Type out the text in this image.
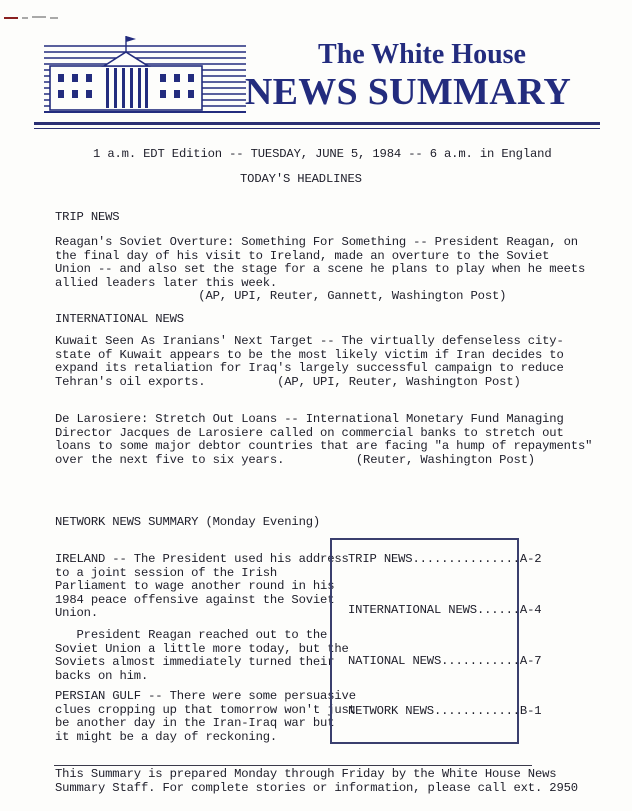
The White House
NEWS SUMMARY
1 a.m. EDT Edition -- TUESDAY, JUNE 5, 1984 -- 6 a.m. in England
TODAY'S HEADLINES
TRIP NEWS
Reagan's Soviet Overture: Something For Something -- President Reagan, on
the final day of his visit to Ireland, made an overture to the Soviet
Union -- and also set the stage for a scene he plans to play when he meets
allied leaders later this week.
(AP, UPI, Reuter, Gannett, Washington Post)
INTERNATIONAL NEWS
Kuwait Seen As Iranians' Next Target -- The virtually defenseless city-
state of Kuwait appears to be the most likely victim if Iran decides to
expand its retaliation for Iraq's largely successful campaign to reduce
Tehran's oil exports.          (AP, UPI, Reuter, Washington Post)
De Larosiere: Stretch Out Loans -- International Monetary Fund Managing
Director Jacques de Larosiere called on commercial banks to stretch out
loans to some major debtor countries that are facing "a hump of repayments"
over the next five to six years.          (Reuter, Washington Post)
NETWORK NEWS SUMMARY (Monday Evening)
IRELAND -- The President used his address
to a joint session of the Irish
Parliament to wage another round in his
1984 peace offensive against the Soviet
Union.
President Reagan reached out to the
Soviet Union a little more today, but the
Soviets almost immediately turned their
backs on him.
PERSIAN GULF -- There were some persuasive
clues cropping up that tomorrow won't just
be another day in the Iran-Iraq war but
it might be a day of reckoning.
TRIP NEWS...............A-2
INTERNATIONAL NEWS......A-4
NATIONAL NEWS...........A-7
NETWORK NEWS............B-1
This Summary is prepared Monday through Friday by the White House News
Summary Staff. For complete stories or information, please call ext. 2950
